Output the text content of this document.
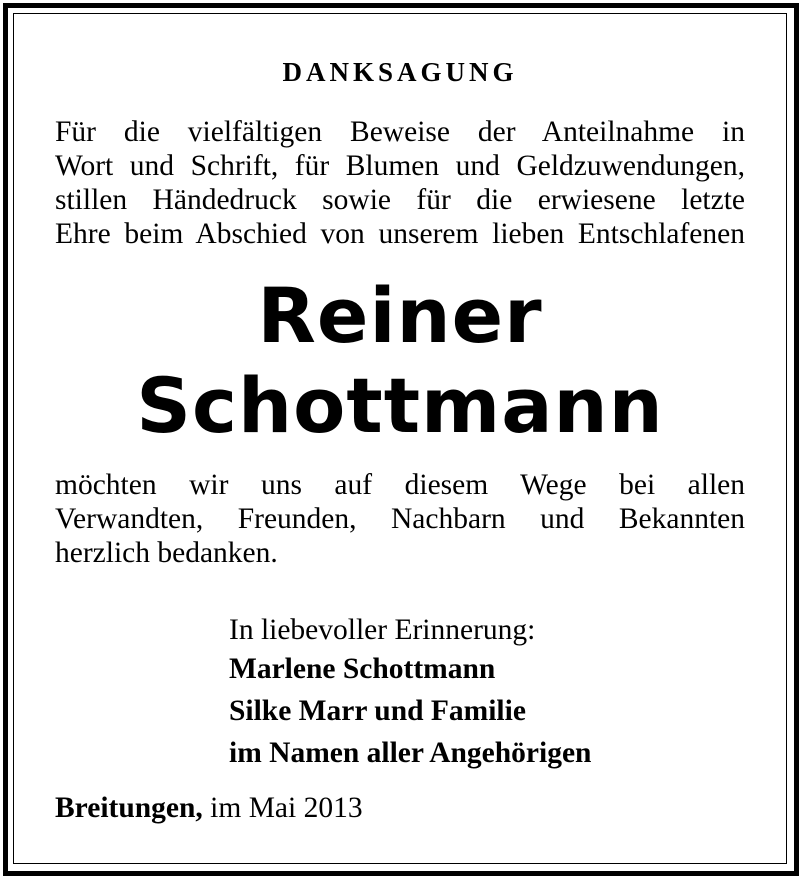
DANKSAGUNG

Für die vielfältigen Beweise der Anteilnahme in
Wort und Schrift, für Blumen und Geldzuwendungen,
stillen Händedruck sowie für die erwiesene letzte
Ehre beim Abschied von unserem lieben Entschlafenen

Reiner
Schottmann

möchten wir uns auf diesem Wege bei allen
Verwandten, Freunden, Nachbarn und Bekannten
herzlich bedanken.

In liebevoller Erinnerung:
Marlene Schottmann
Silke Marr und Familie
im Namen aller Angehörigen
Breitungen, im Mai 2013
